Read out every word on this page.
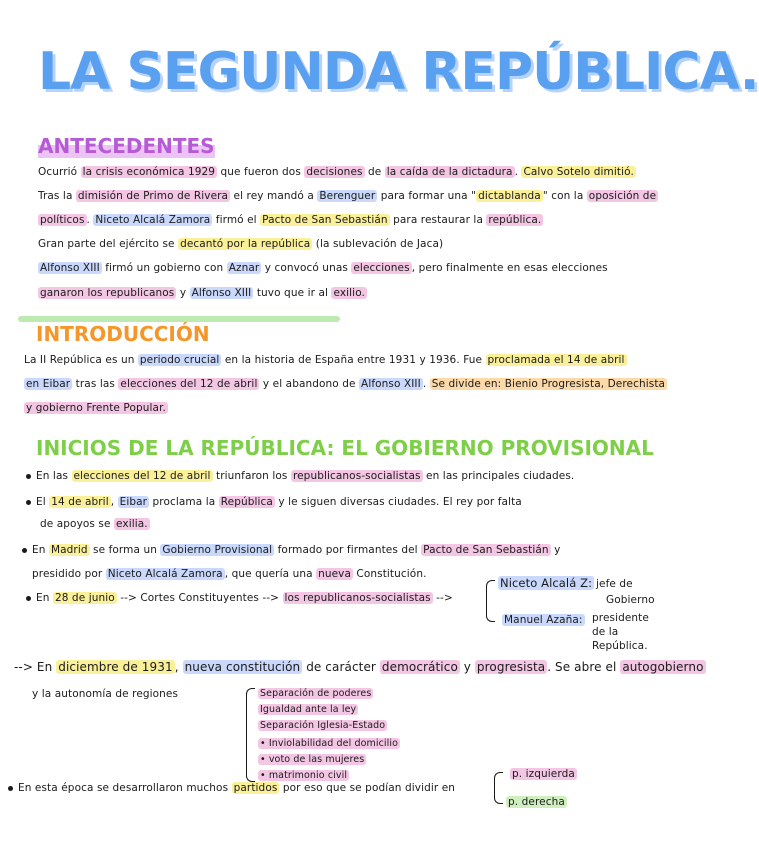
LA SEGUNDA REPÚBLICA.
ANTECEDENTES
Ocurrió la crisis económica 1929 que fueron dos decisiones de la caída de la dictadura . Calvo Sotelo dimitió.
Tras la dimisión de Primo de Rivera el rey mandó a Berenguer para formar una " dictablanda " con la oposición de
políticos . Niceto Alcalá Zamora firmó el Pacto de San Sebastián para restaurar la república.
Gran parte del ejército se decantó por la república (la sublevación de Jaca)
Alfonso XIII firmó un gobierno con Aznar y convocó unas elecciones , pero finalmente en esas elecciones
ganaron los republicanos y Alfonso XIII tuvo que ir al exilio.
INTRODUCCIÓN
La II República es un periodo crucial en la historia de España entre 1931 y 1936. Fue proclamada el 14 de abril
en Eibar tras las elecciones del 12 de abril y el abandono de Alfonso XIII . Se divide en: Bienio Progresista, Derechista
y gobierno Frente Popular.
INICIOS DE LA REPÚBLICA: EL GOBIERNO PROVISIONAL
En las elecciones del 12 de abril triunfaron los republicanos-socialistas en las principales ciudades.
El 14 de abril , Eibar proclama la República y le siguen diversas ciudades. El rey por falta
de apoyos se exilia.
En Madrid se forma un Gobierno Provisional formado por firmantes del Pacto de San Sebastián y
presidido por Niceto Alcalá Zamora , que quería una nueva Constitución.
En 28 de junio --> Cortes Constituyentes --> los republicanos-socialistas -->
Niceto Alcalá Z: jefe de
Gobierno
Manuel Azaña: presidente
de la
República.
--> En diciembre de 1931 , nueva constitución de carácter democrático y progresista . Se abre el autogobierno
y la autonomía de regiones	Separación de poderes
Igualdad ante la ley
Separación Iglesia-Estado
• Inviolabilidad del domicilio
• voto de las mujeres
• matrimonio civil
En esta época se desarrollaron muchos partidos por eso que se podían dividir en
p. izquierda
p. derecha
